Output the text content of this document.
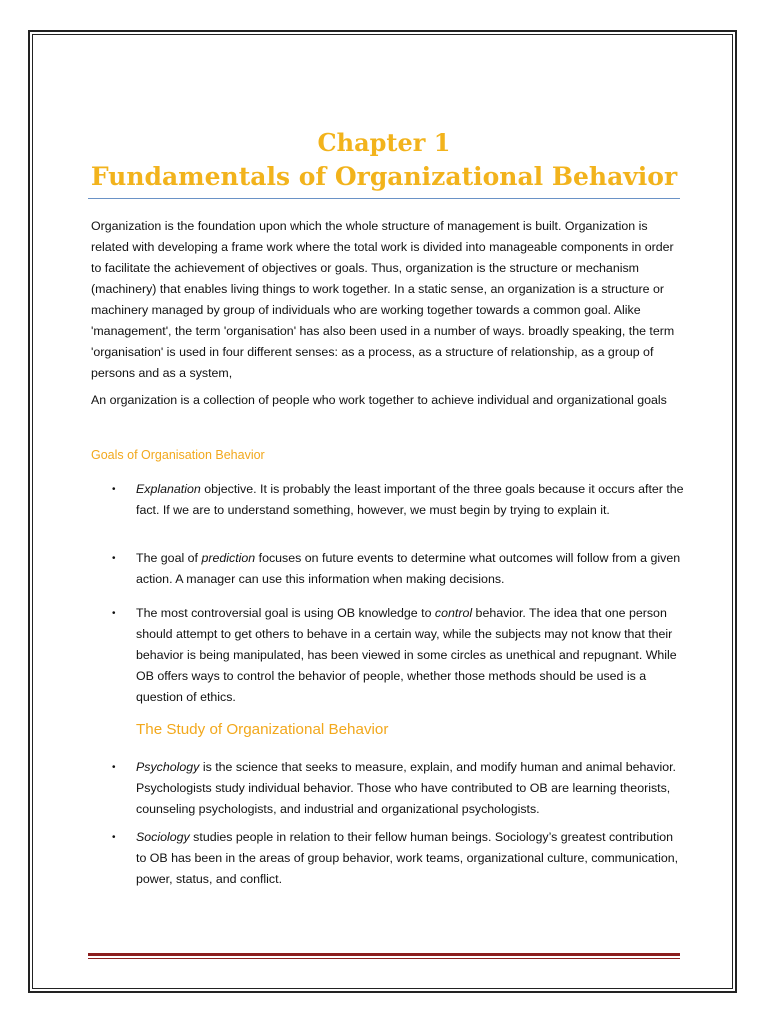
Chapter 1
Fundamentals of Organizational Behavior

Organization is the foundation upon which the whole structure of management is built. Organization is related with developing a frame work where the total work is divided into manageable components in order to facilitate the achievement of objectives or goals. Thus, organization is the structure or mechanism (machinery) that enables living things to work together. In a static sense, an organization is a structure or machinery managed by group of individuals who are working together towards a common goal. Alike 'management', the term 'organisation' has also been used in a number of ways. broadly speaking, the term 'organisation' is used in four different senses: as a process, as a structure of relationship, as a group of persons and as a system,

An organization is a collection of people who work together to achieve individual and organizational goals

Goals of Organisation Behavior
• Explanation objective. It is probably the least important of the three goals because it occurs after the fact. If we are to understand something, however, we must begin by trying to explain it.
• The goal of prediction focuses on future events to determine what outcomes will follow from a given action. A manager can use this information when making decisions.
• The most controversial goal is using OB knowledge to control behavior. The idea that one person should attempt to get others to behave in a certain way, while the subjects may not know that their behavior is being manipulated, has been viewed in some circles as unethical and repugnant. While OB offers ways to control the behavior of people, whether those methods should be used is a question of ethics.
The Study of Organizational Behavior
• Psychology is the science that seeks to measure, explain, and modify human and animal behavior. Psychologists study individual behavior. Those who have contributed to OB are learning theorists, counseling psychologists, and industrial and organizational psychologists.
• Sociology studies people in relation to their fellow human beings. Sociology’s greatest contribution to OB has been in the areas of group behavior, work teams, organizational culture, communication, power, status, and conflict.
